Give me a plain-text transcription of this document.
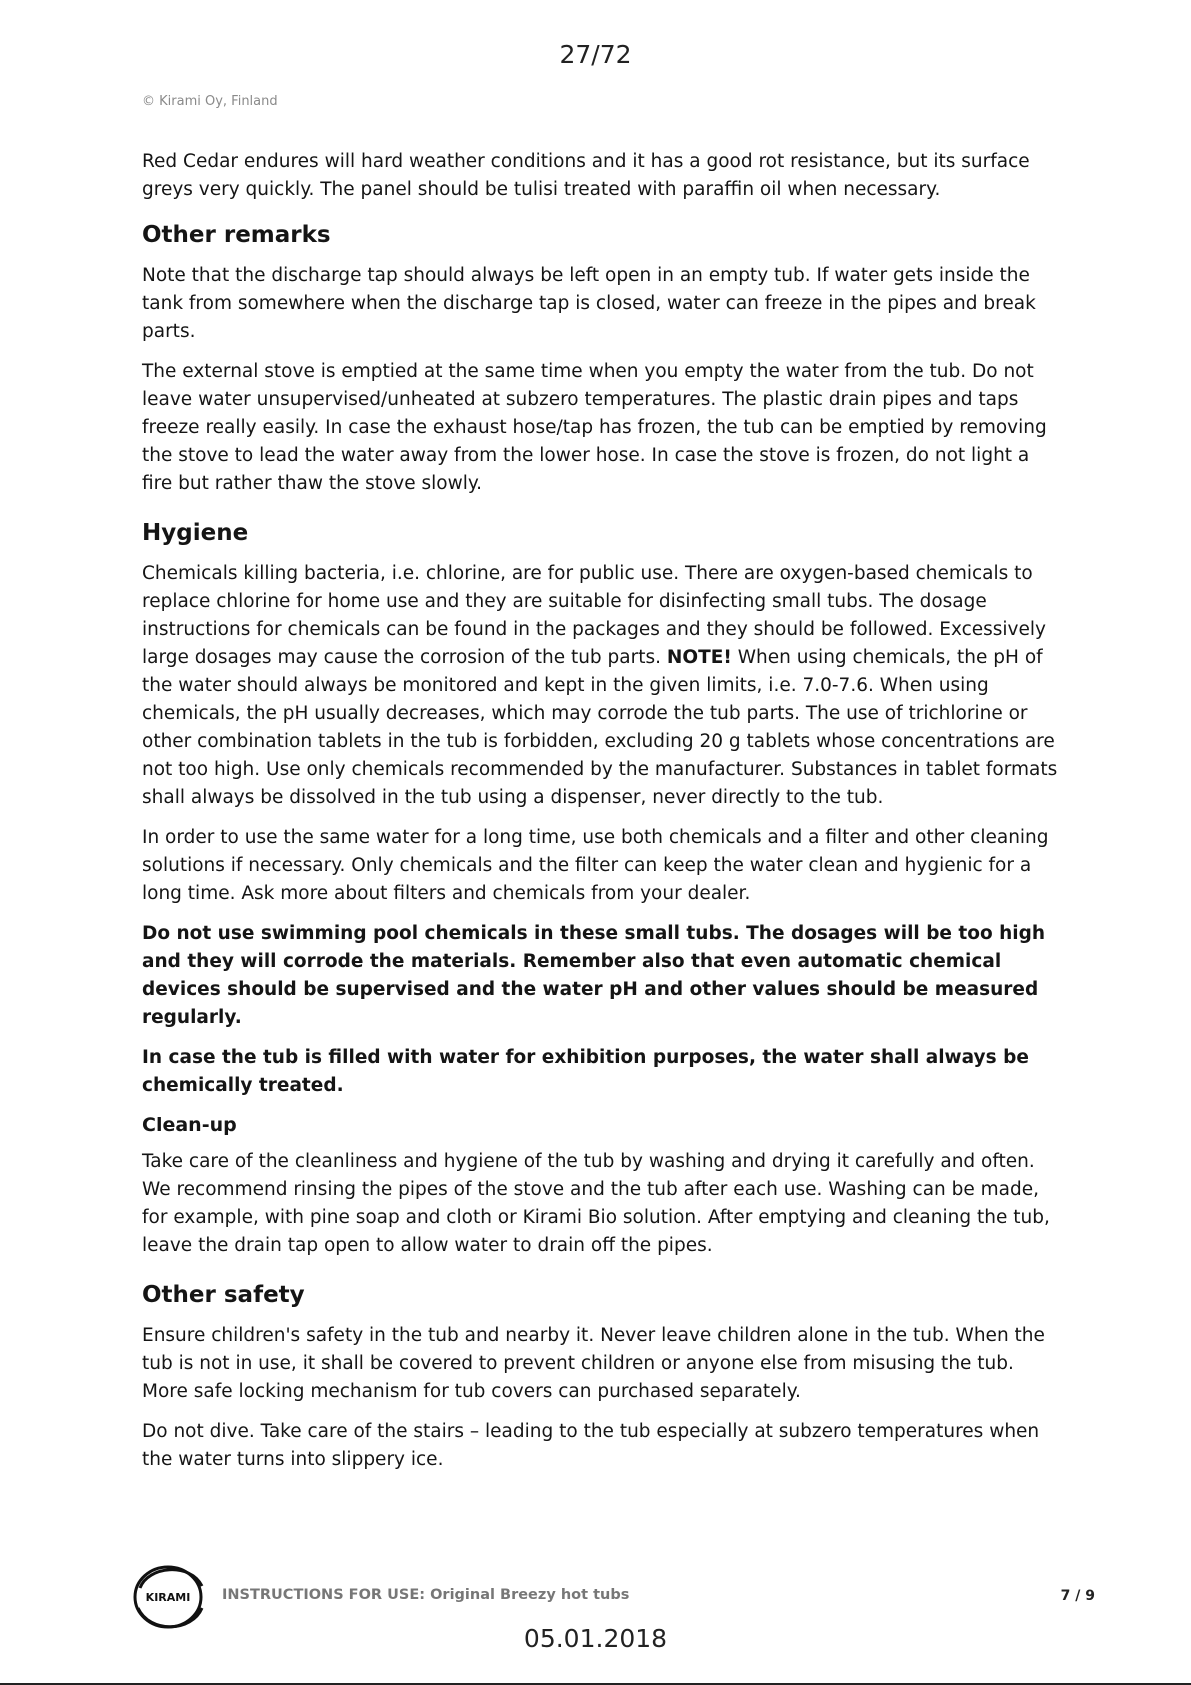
27/72
© Kirami Oy, Finland

Red Cedar endures will hard weather conditions and it has a good rot resistance, but its surface greys very quickly. The panel should be tulisi treated with paraffin oil when necessary.

Other remarks

Note that the discharge tap should always be left open in an empty tub. If water gets inside the tank from somewhere when the discharge tap is closed, water can freeze in the pipes and break parts.

The external stove is emptied at the same time when you empty the water from the tub. Do not leave water unsupervised/unheated at subzero temperatures. The plastic drain pipes and taps freeze really easily. In case the exhaust hose/tap has frozen, the tub can be emptied by removing the stove to lead the water away from the lower hose. In case the stove is frozen, do not light a fire but rather thaw the stove slowly.

Hygiene

Chemicals killing bacteria, i.e. chlorine, are for public use. There are oxygen-based chemicals to replace chlorine for home use and they are suitable for disinfecting small tubs. The dosage instructions for chemicals can be found in the packages and they should be followed. Excessively large dosages may cause the corrosion of the tub parts. NOTE! When using chemicals, the pH of the water should always be monitored and kept in the given limits, i.e. 7.0-7.6. When using chemicals, the pH usually decreases, which may corrode the tub parts. The use of trichlorine or other combination tablets in the tub is forbidden, excluding 20 g tablets whose concentrations are not too high. Use only chemicals recommended by the manufacturer. Substances in tablet formats shall always be dissolved in the tub using a dispenser, never directly to the tub.

In order to use the same water for a long time, use both chemicals and a filter and other cleaning solutions if necessary. Only chemicals and the filter can keep the water clean and hygienic for a long time. Ask more about filters and chemicals from your dealer.

Do not use swimming pool chemicals in these small tubs. The dosages will be too high and they will corrode the materials. Remember also that even automatic chemical devices should be supervised and the water pH and other values should be measured regularly.

In case the tub is filled with water for exhibition purposes, the water shall always be chemically treated.

Clean-up

Take care of the cleanliness and hygiene of the tub by washing and drying it carefully and often. We recommend rinsing the pipes of the stove and the tub after each use. Washing can be made, for example, with pine soap and cloth or Kirami Bio solution. After emptying and cleaning the tub, leave the drain tap open to allow water to drain off the pipes.

Other safety

Ensure children's safety in the tub and nearby it. Never leave children alone in the tub. When the tub is not in use, it shall be covered to prevent children or anyone else from misusing the tub. More safe locking mechanism for tub covers can purchased separately.

Do not dive. Take care of the stairs – leading to the tub especially at subzero temperatures when the water turns into slippery ice.

KIRAMI INSTRUCTIONS FOR USE: Original Breezy hot tubs	7 / 9
05.01.2018
